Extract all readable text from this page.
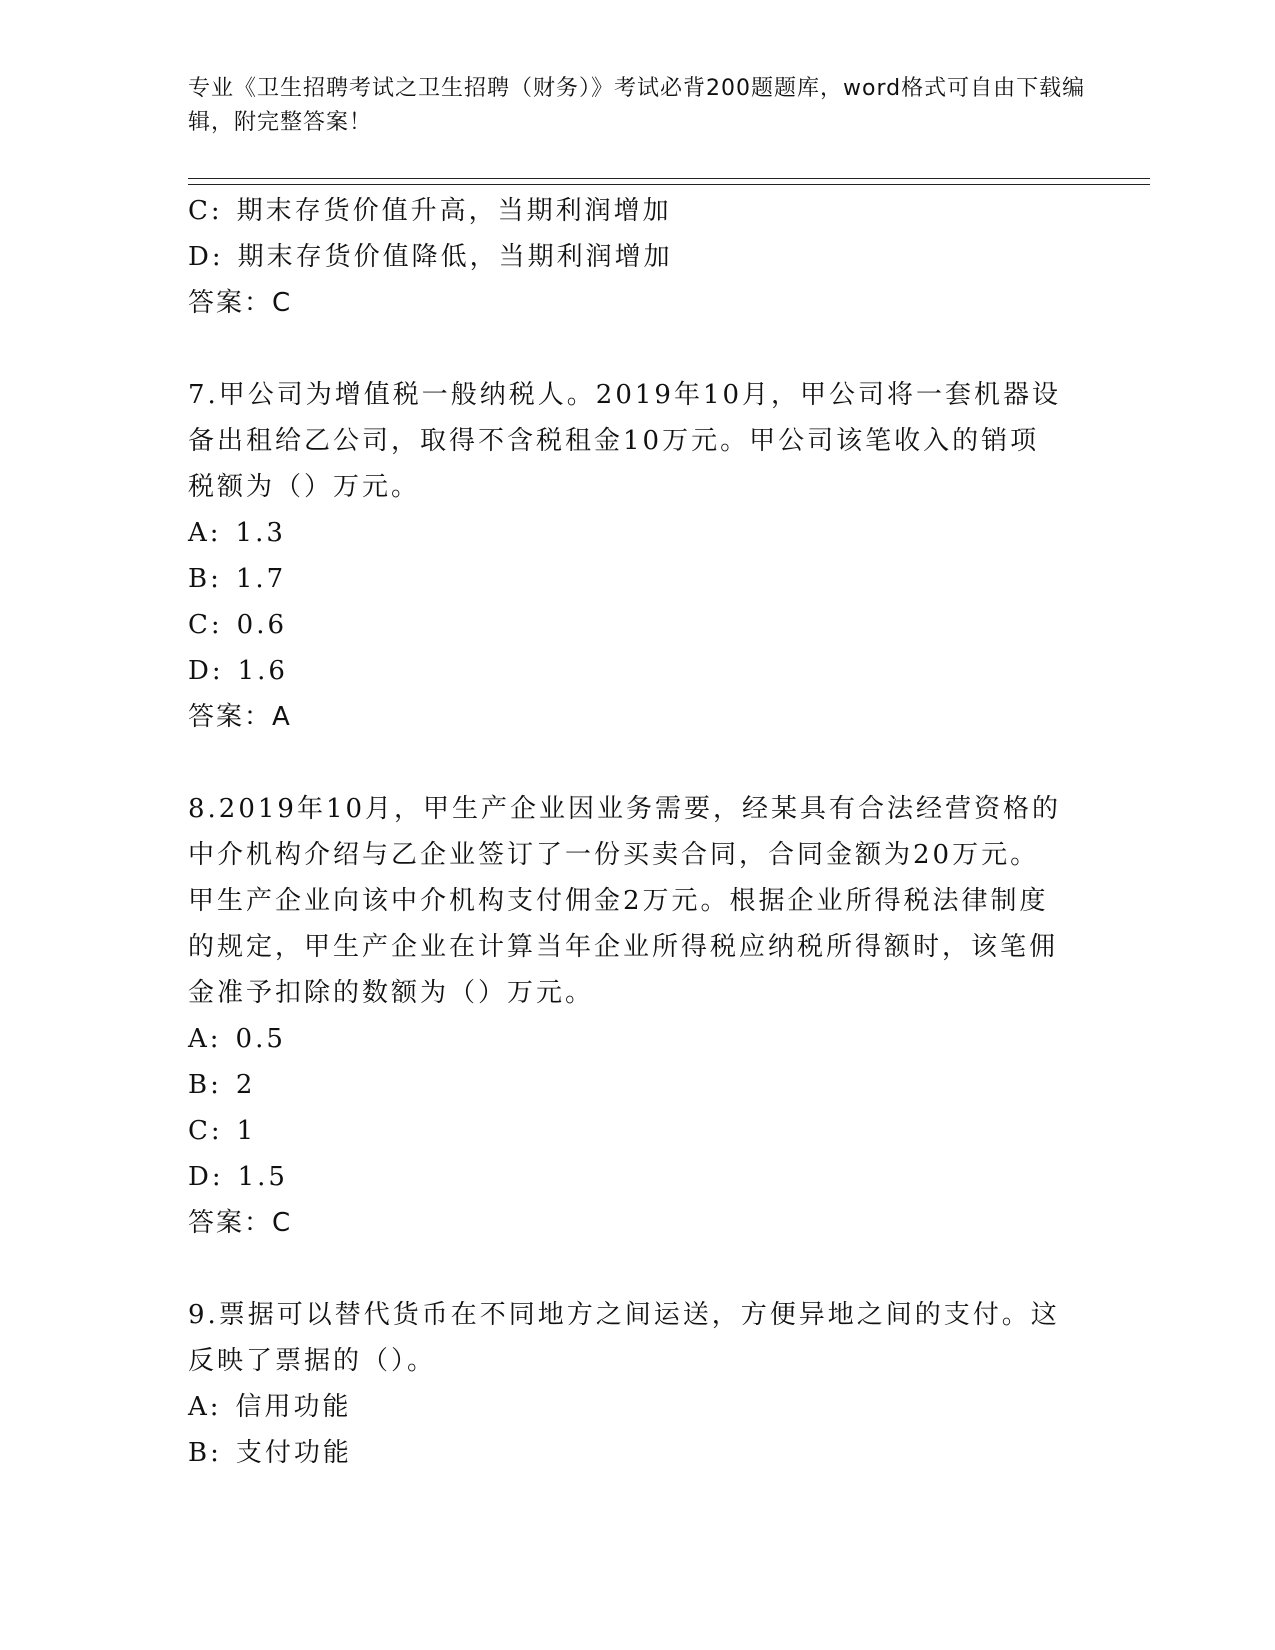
专业《卫生招聘考试之卫生招聘（财务）》考试必背200题题库，word格式可自由下载编辑，附完整答案！
C: 期末存货价值升高，当期利润增加
D: 期末存货价值降低，当期利润增加
答案：C
7.甲公司为增值税一般纳税人。2019年10月，甲公司将一套机器设备出租给乙公司，取得不含税租金10万元。甲公司该笔收入的销项税额为（）万元。
A: 1.3
B: 1.7
C: 0.6
D: 1.6
答案：A
8.2019年10月，甲生产企业因业务需要，经某具有合法经营资格的中介机构介绍与乙企业签订了一份买卖合同，合同金额为20万元。甲生产企业向该中介机构支付佣金2万元。根据企业所得税法律制度的规定，甲生产企业在计算当年企业所得税应纳税所得额时，该笔佣金准予扣除的数额为（）万元。
A: 0.5
B: 2
C: 1
D: 1.5
答案：C
9.票据可以替代货币在不同地方之间运送，方便异地之间的支付。这反映了票据的（）。
A: 信用功能
B: 支付功能
